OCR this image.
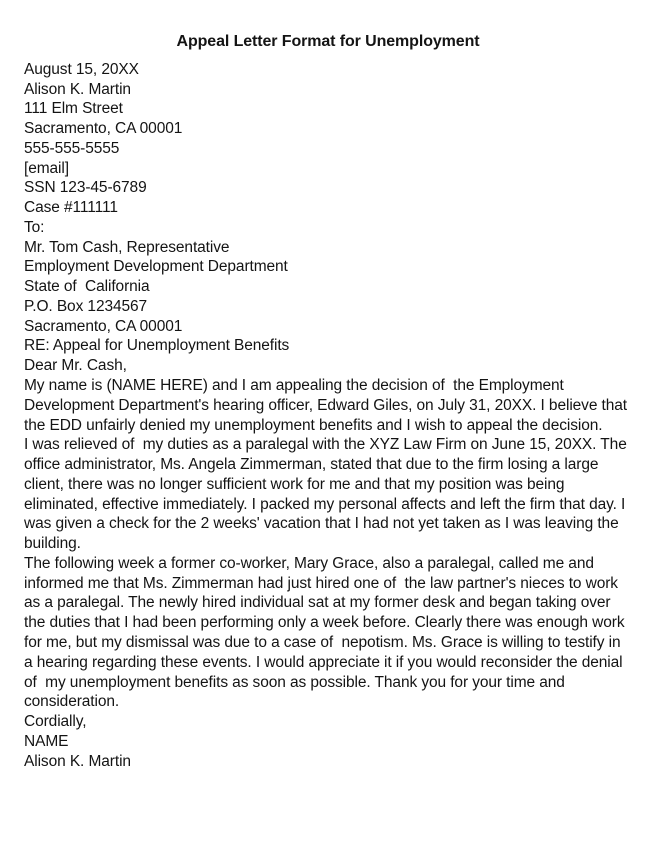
Appeal Letter Format for Unemployment
August 15, 20XX
Alison K. Martin
111 Elm Street
Sacramento, CA 00001
555-555-5555
[email]
SSN 123-45-6789
Case #111111
To:
Mr. Tom Cash, Representative
Employment Development Department
State of  California
P.O. Box 1234567
Sacramento, CA 00001
RE: Appeal for Unemployment Benefits
Dear Mr. Cash,

My name is (NAME HERE) and I am appealing the decision of  the Employment Development Department's hearing officer, Edward Giles, on July 31, 20XX. I believe that the EDD unfairly denied my unemployment benefits and I wish to appeal the decision.

I was relieved of  my duties as a paralegal with the XYZ Law Firm on June 15, 20XX. The office administrator, Ms. Angela Zimmerman, stated that due to the firm losing a large client, there was no longer sufficient work for me and that my position was being eliminated, effective immediately. I packed my personal affects and left the firm that day. I was given a check for the 2 weeks' vacation that I had not yet taken as I was leaving the building.

The following week a former co-worker, Mary Grace, also a paralegal, called me and informed me that Ms. Zimmerman had just hired one of  the law partner's nieces to work as a paralegal. The newly hired individual sat at my former desk and began taking over the duties that I had been performing only a week before. Clearly there was enough work for me, but my dismissal was due to a case of  nepotism. Ms. Grace is willing to testify in a hearing regarding these events. I would appreciate it if you would reconsider the denial of  my unemployment benefits as soon as possible. Thank you for your time and consideration.

Cordially,
NAME
Alison K. Martin
